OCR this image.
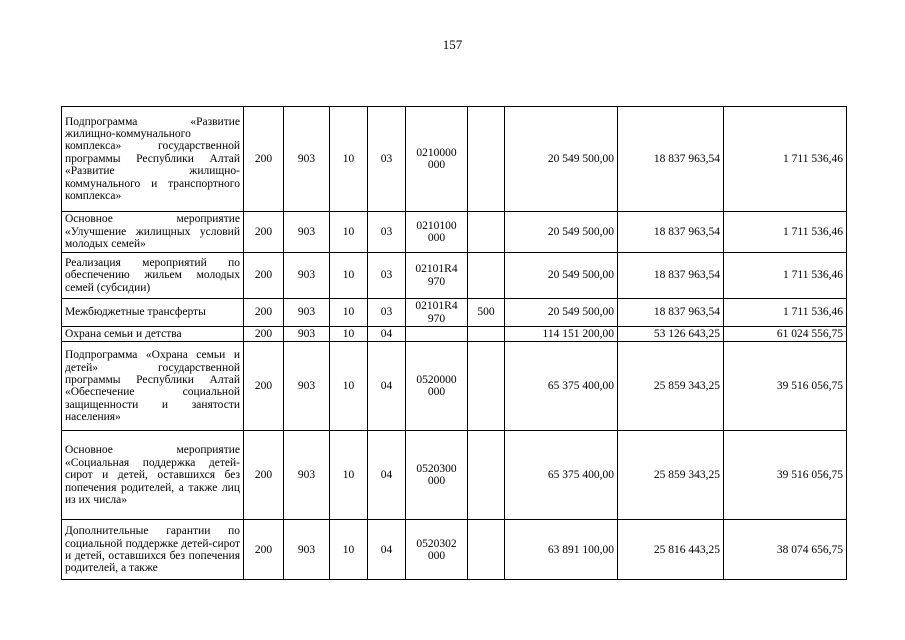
157
Подпрограмма «Развитие жилищно-коммунального комплекса» государственной программы Республики Алтай «Развитие жилищно-коммунального и транспортного комплекса»	200	903	10	03	0210000 000		20 549 500,00	18 837 963,54	1 711 536,46
Основное мероприятие «Улучшение жилищных условий молодых семей»	200	903	10	03	0210100 000		20 549 500,00	18 837 963,54	1 711 536,46
Реализация мероприятий по обеспечению жильем молодых семей (субсидии)	200	903	10	03	02101R4 970		20 549 500,00	18 837 963,54	1 711 536,46
Межбюджетные трансферты	200	903	10	03	02101R4 970	500	20 549 500,00	18 837 963,54	1 711 536,46
Охрана семьи и детства	200	903	10	04			114 151 200,00	53 126 643,25	61 024 556,75
Подпрограмма «Охрана семьи и детей» государственной программы Республики Алтай «Обеспечение социальной защищенности и занятости населения»	200	903	10	04	0520000 000		65 375 400,00	25 859 343,25	39 516 056,75
Основное мероприятие «Социальная поддержка детей-сирот и детей, оставшихся без попечения родителей, а также лиц из их числа»	200	903	10	04	0520300 000		65 375 400,00	25 859 343,25	39 516 056,75
Дополнительные гарантии по социальной поддержке детей-сирот и детей, оставшихся без попечения родителей, а также	200	903	10	04	0520302 000		63 891 100,00	25 816 443,25	38 074 656,75
